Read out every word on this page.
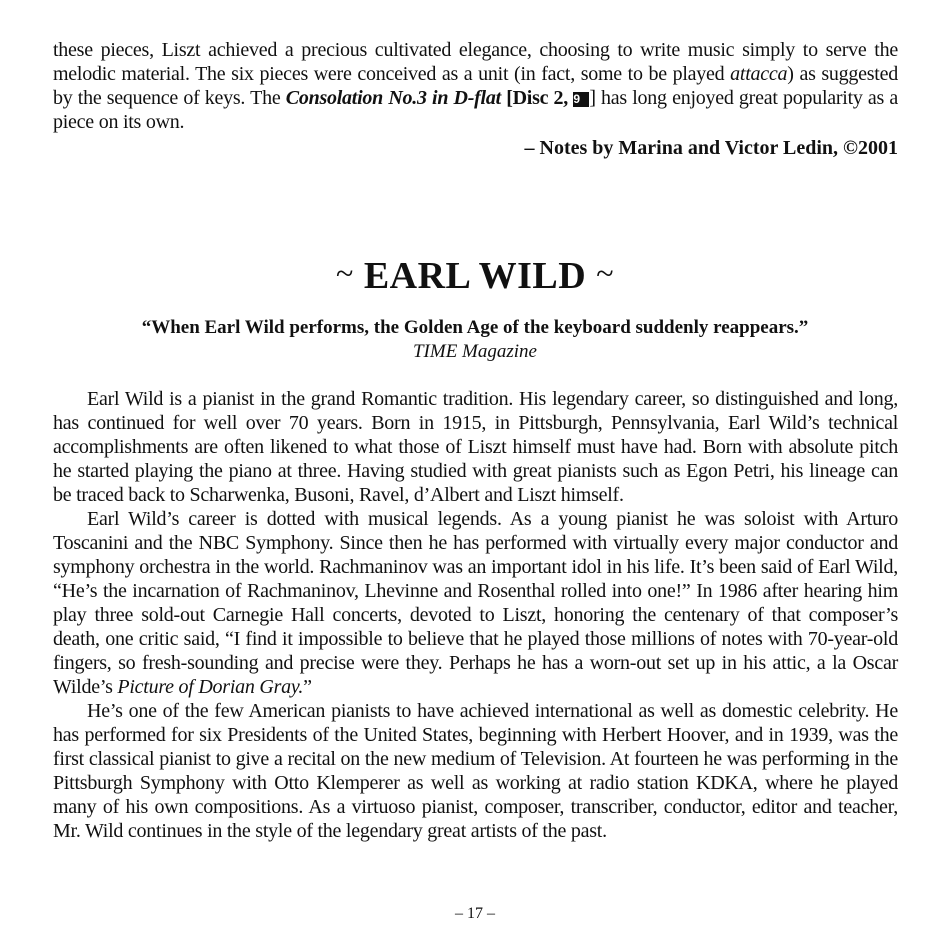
these pieces, Liszt achieved a precious cultivated elegance, choosing to write music simply to serve the melodic material. The six pieces were conceived as a unit (in fact, some to be played attacca) as suggested by the sequence of keys. The Consolation No.3 in D-flat [Disc 2, 9 ] has long enjoyed great popularity as a piece on its own.

– Notes by Marina and Victor Ledin, ©2001
~ EARL WILD ~
“When Earl Wild performs, the Golden Age of the keyboard suddenly reappears.”
TIME Magazine

Earl Wild is a pianist in the grand Romantic tradition. His legendary career, so distinguished and long, has continued for well over 70 years. Born in 1915, in Pittsburgh, Pennsylvania, Earl Wild’s technical accomplishments are often likened to what those of Liszt himself must have had. Born with absolute pitch he started playing the piano at three. Having studied with great pianists such as Egon Petri, his lineage can be traced back to Scharwenka, Busoni, Ravel, d’Albert and Liszt himself.

Earl Wild’s career is dotted with musical legends. As a young pianist he was soloist with Arturo Toscanini and the NBC Symphony. Since then he has performed with virtually every major conductor and symphony orchestra in the world. Rachmaninov was an important idol in his life. It’s been said of Earl Wild, “He’s the incarnation of Rachmaninov, Lhevinne and Rosenthal rolled into one!” In 1986 after hearing him play three sold-out Carnegie Hall concerts, devoted to Liszt, honoring the centenary of that composer’s death, one critic said, “I find it impossible to believe that he played those millions of notes with 70-year-old fingers, so fresh-sounding and precise were they. Perhaps he has a worn-out set up in his attic, a la Oscar Wilde’s Picture of Dorian Gray.”

He’s one of the few American pianists to have achieved international as well as domestic celebrity. He has performed for six Presidents of the United States, beginning with Herbert Hoover, and in 1939, was the first classical pianist to give a recital on the new medium of Television. At fourteen he was performing in the Pittsburgh Symphony with Otto Klemperer as well as working at radio station KDKA, where he played many of his own compositions. As a virtuoso pianist, composer, transcriber, conductor, editor and teacher, Mr. Wild continues in the style of the legendary great artists of the past.

– 17 –
